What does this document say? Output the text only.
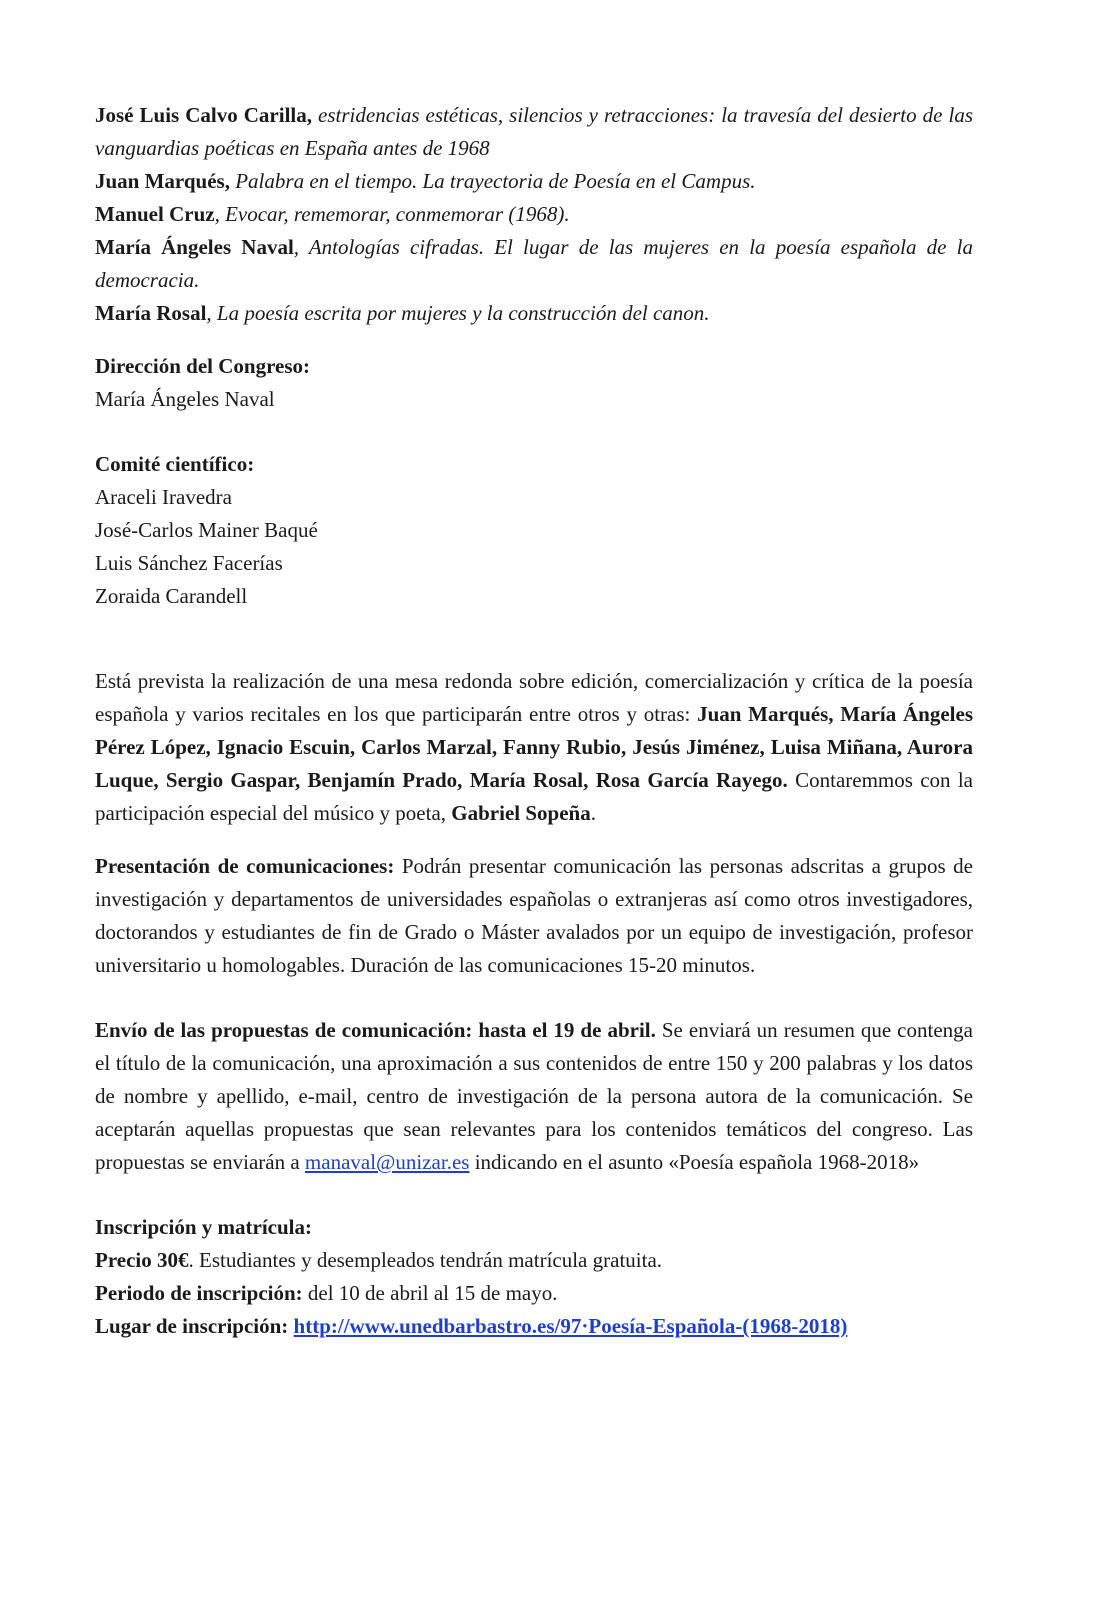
José Luis Calvo Carilla, estridencias estéticas, silencios y retracciones: la travesía del desierto de las vanguardias poéticas en España antes de 1968

Juan Marqués, Palabra en el tiempo. La trayectoria de Poesía en el Campus.

Manuel Cruz, Evocar, rememorar, conmemorar (1968).

María Ángeles Naval, Antologías cifradas. El lugar de las mujeres en la poesía española de la democracia.

María Rosal, La poesía escrita por mujeres y la construcción del canon.

Dirección del Congreso:

María Ángeles Naval

Comité científico:

Araceli Iravedra

José-Carlos Mainer Baqué

Luis Sánchez Facerías

Zoraida Carandell

Está prevista la realización de una mesa redonda sobre edición, comercialización y crítica de la poesía española y varios recitales en los que participarán entre otros y otras: Juan Marqués, María Ángeles Pérez López, Ignacio Escuin, Carlos Marzal, Fanny Rubio, Jesús Jiménez, Luisa Miñana, Aurora Luque, Sergio Gaspar, Benjamín Prado, María Rosal, Rosa García Rayego. Contaremmos con la participación especial del músico y poeta, Gabriel Sopeña.

Presentación de comunicaciones: Podrán presentar comunicación las personas adscritas a grupos de investigación y departamentos de universidades españolas o extranjeras así como otros investigadores, doctorandos y estudiantes de fin de Grado o Máster avalados por un equipo de investigación, profesor universitario u homologables. Duración de las comunicaciones 15-20 minutos.

Envío de las propuestas de comunicación: hasta el 19 de abril. Se enviará un resumen que contenga el título de la comunicación, una aproximación a sus contenidos de entre 150 y 200 palabras y los datos de nombre y apellido, e-mail, centro de investigación de la persona autora de la comunicación. Se aceptarán aquellas propuestas que sean relevantes para los contenidos temáticos del congreso. Las propuestas se enviarán a manaval@unizar.es indicando en el asunto «Poesía española 1968-2018»

Inscripción y matrícula:

Precio 30€. Estudiantes y desempleados tendrán matrícula gratuita.

Periodo de inscripción: del 10 de abril al 15 de mayo.

Lugar de inscripción: http://www.unedbarbastro.es/97·Poesía-Española-(1968-2018)
